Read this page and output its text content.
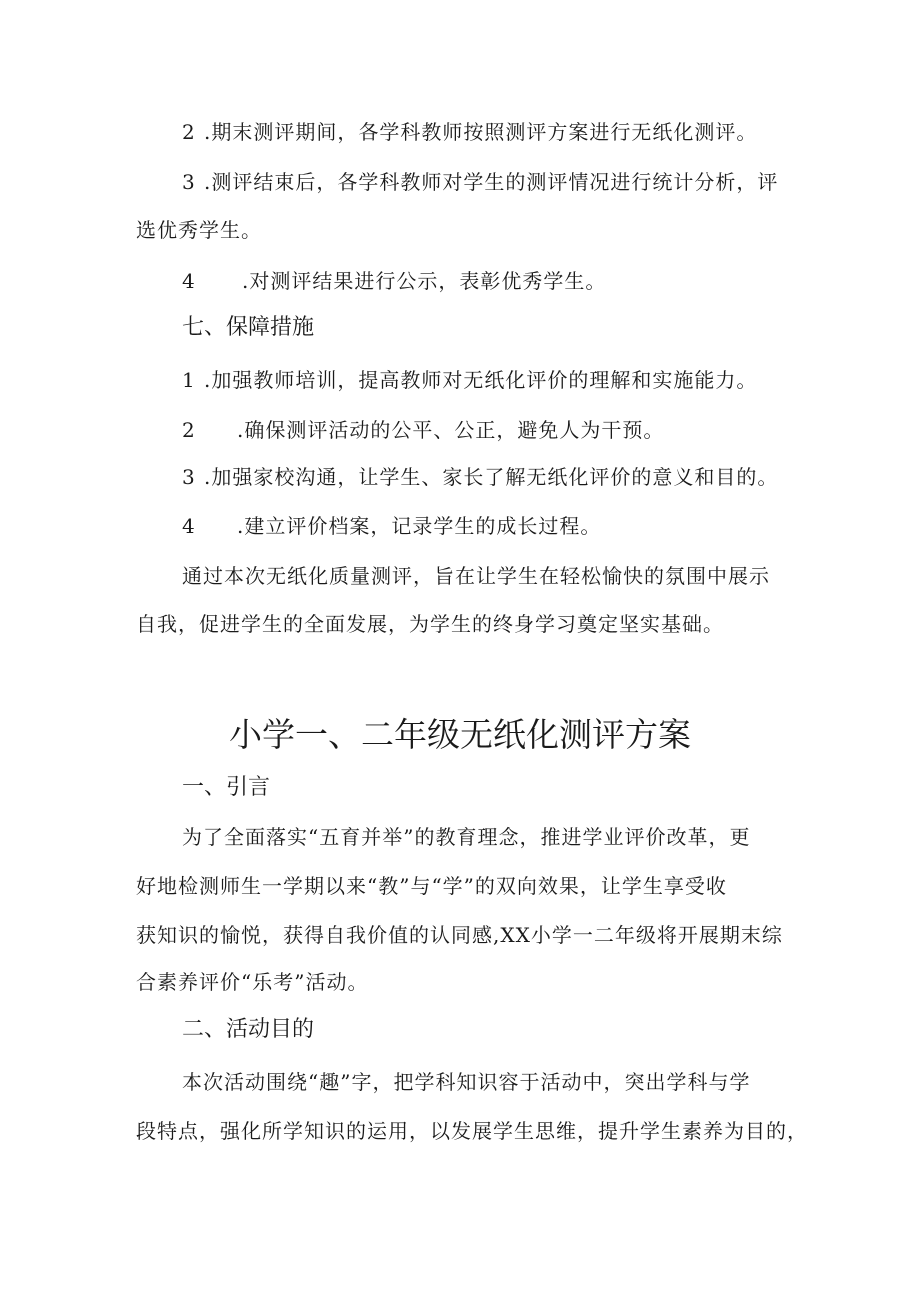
2 .期末测评期间，各学科教师按照测评方案进行无纸化测评。
3 .测评结束后，各学科教师对学生的测评情况进行统计分析，评
选优秀学生。
4 .对测评结果进行公示，表彰优秀学生。
七、保障措施
1 .加强教师培训，提高教师对无纸化评价的理解和实施能力。
2 .确保测评活动的公平、公正，避免人为干预。
3 .加强家校沟通，让学生、家长了解无纸化评价的意义和目的。
4 .建立评价档案，记录学生的成长过程。
通过本次无纸化质量测评，旨在让学生在轻松愉快的氛围中展示
自我，促进学生的全面发展，为学生的终身学习奠定坚实基础。
小学一、二年级无纸化测评方案
一、引言
为了全面落实“五育并举”的教育理念，推进学业评价改革，更
好地检测师生一学期以来“教”与“学”的双向效果，让学生享受收
获知识的愉悦，获得自我价值的认同感,XX小学一二年级将开展期末综
合素养评价“乐考”活动。
二、活动目的
本次活动围绕“趣”字，把学科知识容于活动中，突出学科与学
段特点，强化所学知识的运用，以发展学生思维，提升学生素养为目的，
